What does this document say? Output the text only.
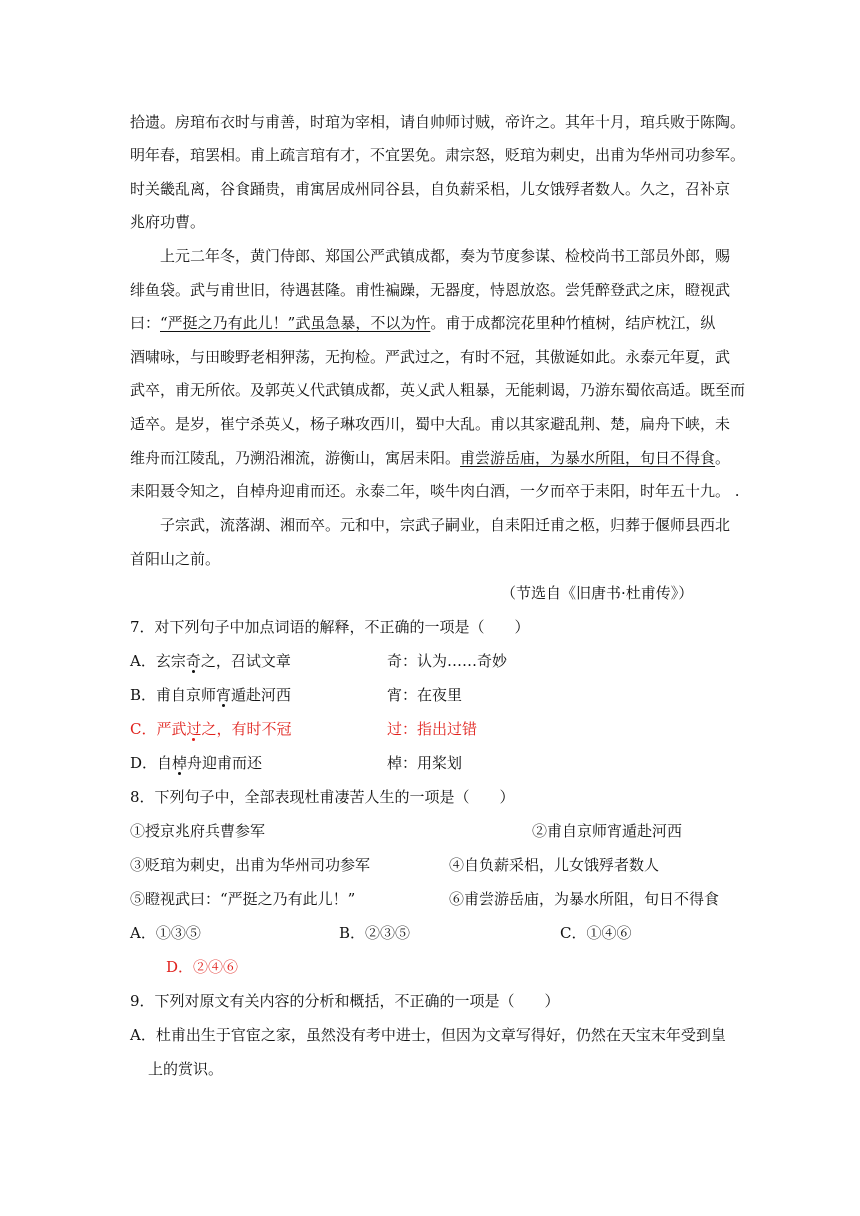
拾遗。房琯布衣时与甫善，时琯为宰相，请自帅师讨贼，帝许之。其年十月，琯兵败于陈陶。
明年春，琯罢相。甫上疏言琯有才，不宜罢免。肃宗怒，贬琯为刺史，出甫为华州司功参军。
时关畿乱离，谷食踊贵，甫寓居成州同谷县，自负薪采梠，儿女饿殍者数人。久之，召补京
兆府功曹。
上元二年冬，黄门侍郎、郑国公严武镇成都，奏为节度参谋、检校尚书工部员外郎，赐
绯鱼袋。武与甫世旧，待遇甚隆。甫性褊躁，无器度，恃恩放恣。尝凭醉登武之床，瞪视武
曰：“严挺之乃有此儿！”武虽急暴，不以为忤。甫于成都浣花里种竹植树，结庐枕江，纵
酒啸咏，与田畯野老相狎荡，无拘检。严武过之，有时不冠，其傲诞如此。永泰元年夏，武
武卒，甫无所依。及郭英乂代武镇成都，英乂武人粗暴，无能刺谒，乃游东蜀依高适。既至而
适卒。是岁，崔宁杀英乂，杨子琳攻西川，蜀中大乱。甫以其家避乱荆、楚，扁舟下峡，未
维舟而江陵乱，乃溯沿湘流，游衡山，寓居耒阳。甫尝游岳庙，为暴水所阻，旬日不得食。
耒阳聂令知之，自棹舟迎甫而还。永泰二年，啖牛肉白酒，一夕而卒于耒阳，时年五十九。 .
子宗武，流落湖、湘而卒。元和中，宗武子嗣业，自耒阳迁甫之柩，归葬于偃师县西北
首阳山之前。
（节选自《旧唐书·杜甫传》）
7．对下列句子中加点词语的解释，不正确的一项是（　　）
A．玄宗奇之，召试文章	奇：认为……奇妙
B．甫自京师宵遁赴河西	宵：在夜里
C．严武过之，有时不冠	过：指出过错
D．自棹舟迎甫而还	棹：用桨划
8．下列句子中，全部表现杜甫凄苦人生的一项是（　　）
①授京兆府兵曹参军	②甫自京师宵遁赴河西
③贬琯为刺史，出甫为华州司功参军	④自负薪采梠，儿女饿殍者数人
⑤瞪视武曰：“严挺之乃有此儿！”	⑥甫尝游岳庙，为暴水所阻，旬日不得食
A．①③⑤	B．②③⑤	C．①④⑥
D．②④⑥
9．下列对原文有关内容的分析和概括，不正确的一项是（　　）
A．杜甫出生于官宦之家，虽然没有考中进士，但因为文章写得好，仍然在天宝末年受到皇
上的赏识。
